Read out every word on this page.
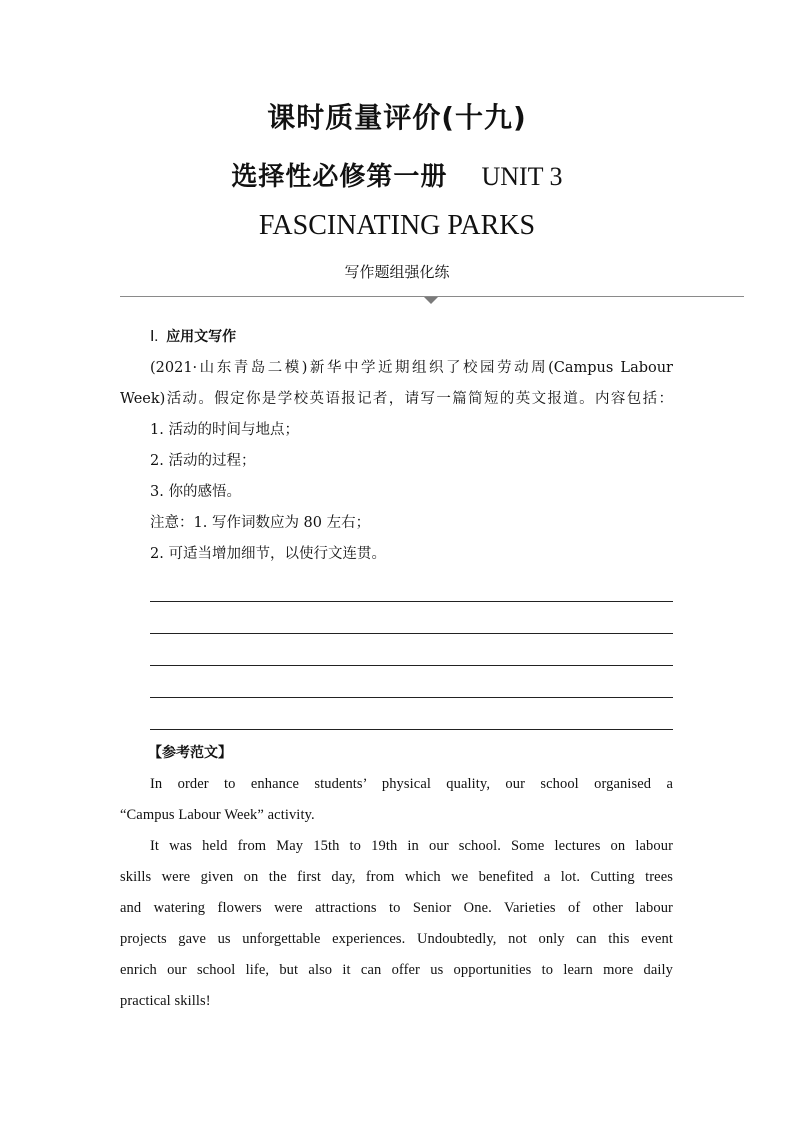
课时质量评价(十九)
选择性必修第一册 UNIT 3
FASCINATING PARKS
写作题组强化练
Ⅰ. 应用文写作
(2021·山东青岛二模)新华中学近期组织了校园劳动周(Campus Labour
Week)活动。假定你是学校英语报记者，请写一篇简短的英文报道。内容包括：
1. 活动的时间与地点；
2. 活动的过程；
3. 你的感悟。
注意：1. 写作词数应为 80 左右；
2. 可适当增加细节，以使行文连贯。
【参考范文】
In order to enhance students’ physical quality, our school organised a
“Campus Labour Week” activity.
It was held from May 15th to 19th in our school. Some lectures on labour
skills were given on the first day, from which we benefited a lot. Cutting trees
and watering flowers were attractions to Senior One. Varieties of other labour
projects gave us unforgettable experiences. Undoubtedly, not only can this event
enrich our school life, but also it can offer us opportunities to learn more daily
practical skills!
